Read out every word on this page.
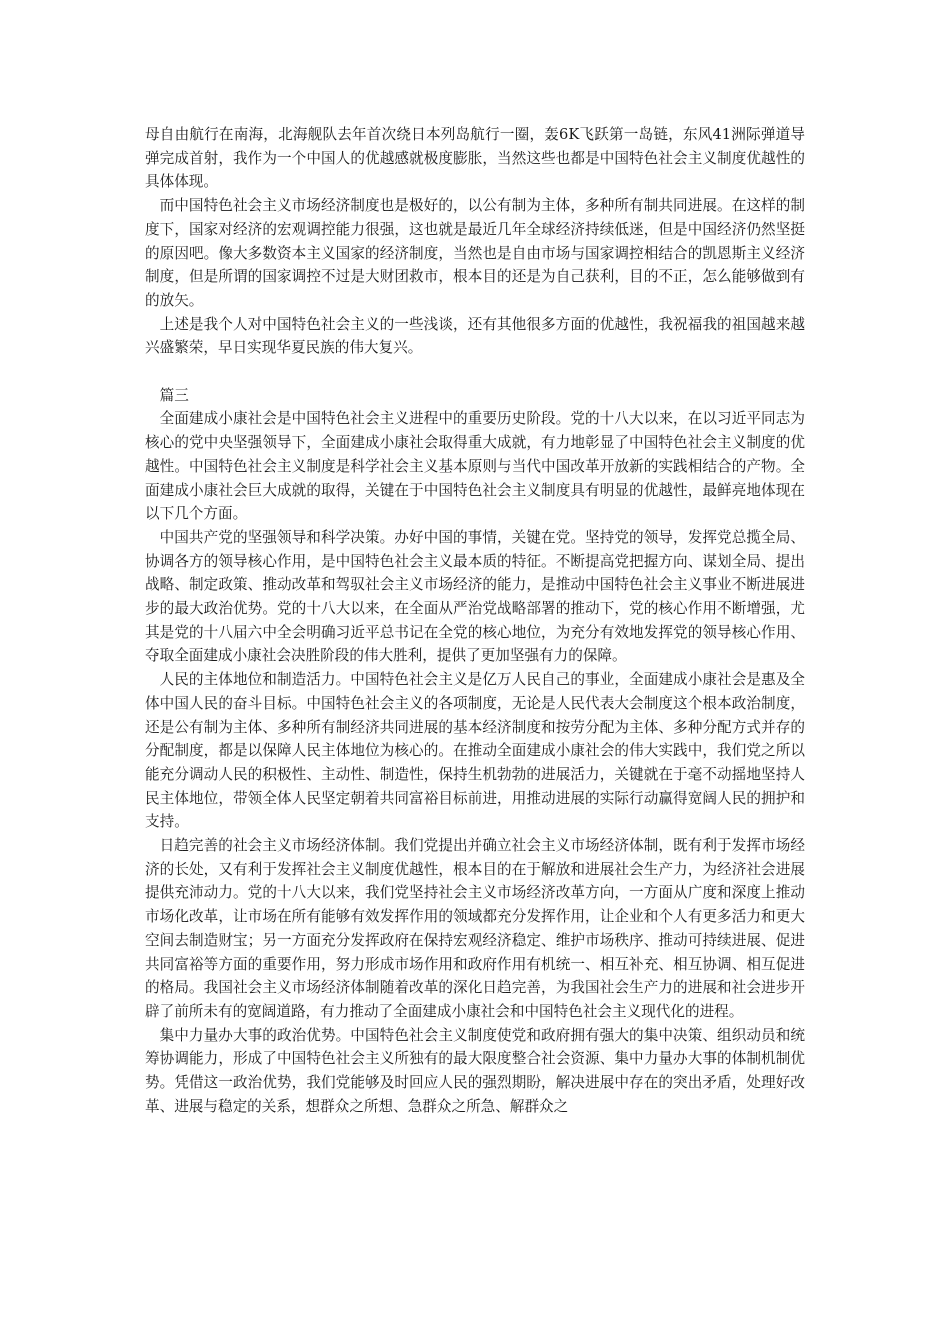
母自由航行在南海，北海舰队去年首次绕日本列岛航行一圈，轰6K飞跃第一岛链，东风41洲际弹道导弹完成首射，我作为一个中国人的优越感就极度膨胀，当然这些也都是中国特色社会主义制度优越性的具体体现。

而中国特色社会主义市场经济制度也是极好的，以公有制为主体，多种所有制共同进展。在这样的制度下，国家对经济的宏观调控能力很强，这也就是最近几年全球经济持续低迷，但是中国经济仍然坚挺的原因吧。像大多数资本主义国家的经济制度，当然也是自由市场与国家调控相结合的凯恩斯主义经济制度，但是所谓的国家调控不过是大财团救市，根本目的还是为自己获利，目的不正，怎么能够做到有的放矢。

上述是我个人对中国特色社会主义的一些浅谈，还有其他很多方面的优越性，我祝福我的祖国越来越兴盛繁荣，早日实现华夏民族的伟大复兴。

篇三

全面建成小康社会是中国特色社会主义进程中的重要历史阶段。党的十八大以来，在以习近平同志为核心的党中央坚强领导下，全面建成小康社会取得重大成就，有力地彰显了中国特色社会主义制度的优越性。中国特色社会主义制度是科学社会主义基本原则与当代中国改革开放新的实践相结合的产物。全面建成小康社会巨大成就的取得，关键在于中国特色社会主义制度具有明显的优越性，最鲜亮地体现在以下几个方面。

中国共产党的坚强领导和科学决策。办好中国的事情，关键在党。坚持党的领导，发挥党总揽全局、协调各方的领导核心作用，是中国特色社会主义最本质的特征。不断提高党把握方向、谋划全局、提出战略、制定政策、推动改革和驾驭社会主义市场经济的能力，是推动中国特色社会主义事业不断进展进步的最大政治优势。党的十八大以来，在全面从严治党战略部署的推动下，党的核心作用不断增强，尤其是党的十八届六中全会明确习近平总书记在全党的核心地位，为充分有效地发挥党的领导核心作用、夺取全面建成小康社会决胜阶段的伟大胜利，提供了更加坚强有力的保障。

人民的主体地位和制造活力。中国特色社会主义是亿万人民自己的事业，全面建成小康社会是惠及全体中国人民的奋斗目标。中国特色社会主义的各项制度，无论是人民代表大会制度这个根本政治制度，还是公有制为主体、多种所有制经济共同进展的基本经济制度和按劳分配为主体、多种分配方式并存的分配制度，都是以保障人民主体地位为核心的。在推动全面建成小康社会的伟大实践中，我们党之所以能充分调动人民的积极性、主动性、制造性，保持生机勃勃的进展活力，关键就在于毫不动摇地坚持人民主体地位，带领全体人民坚定朝着共同富裕目标前进，用推动进展的实际行动赢得宽阔人民的拥护和支持。

日趋完善的社会主义市场经济体制。我们党提出并确立社会主义市场经济体制，既有利于发挥市场经济的长处，又有利于发挥社会主义制度优越性，根本目的在于解放和进展社会生产力，为经济社会进展提供充沛动力。党的十八大以来，我们党坚持社会主义市场经济改革方向，一方面从广度和深度上推动市场化改革，让市场在所有能够有效发挥作用的领域都充分发挥作用，让企业和个人有更多活力和更大空间去制造财宝；另一方面充分发挥政府在保持宏观经济稳定、维护市场秩序、推动可持续进展、促进共同富裕等方面的重要作用，努力形成市场作用和政府作用有机统一、相互补充、相互协调、相互促进的格局。我国社会主义市场经济体制随着改革的深化日趋完善，为我国社会生产力的进展和社会进步开辟了前所未有的宽阔道路，有力推动了全面建成小康社会和中国特色社会主义现代化的进程。

集中力量办大事的政治优势。中国特色社会主义制度使党和政府拥有强大的集中决策、组织动员和统筹协调能力，形成了中国特色社会主义所独有的最大限度整合社会资源、集中力量办大事的体制机制优势。凭借这一政治优势，我们党能够及时回应人民的强烈期盼，解决进展中存在的突出矛盾，处理好改革、进展与稳定的关系，想群众之所想、急群众之所急、解群众之
